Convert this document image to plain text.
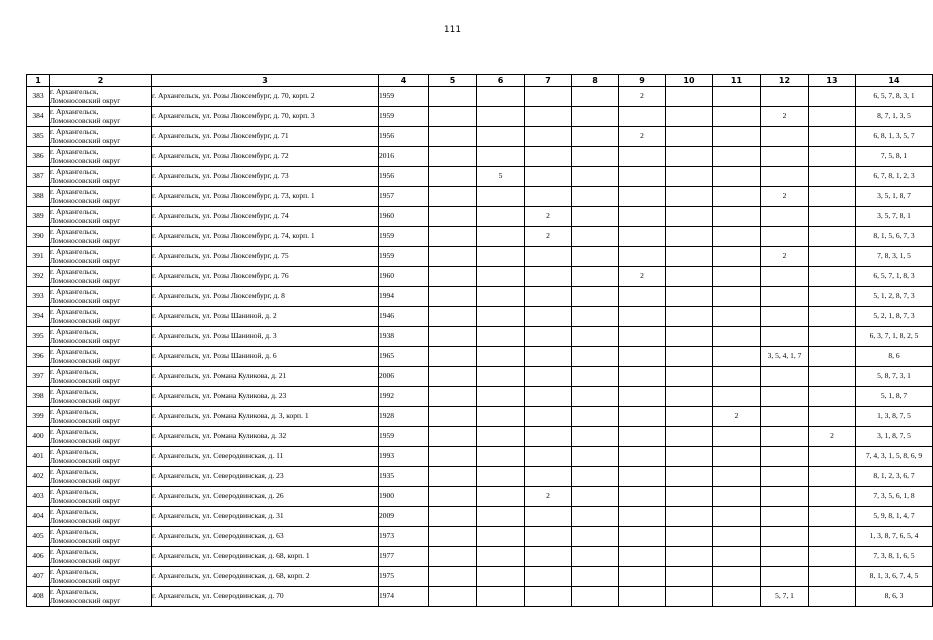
111
1	2	3	4	5	6	7	8	9	10	11	12	13	14
383	г. Архангельск,
Ломоносовский округ	г. Архангельск, ул. Розы Люксембург, д. 70, корп. 2	1959					2					6, 5, 7, 8, 3, 1
384	г. Архангельск,
Ломоносовский округ	г. Архангельск, ул. Розы Люксембург, д. 70, корп. 3	1959								2		8, 7, 1, 3, 5
385	г. Архангельск,
Ломоносовский округ	г. Архангельск, ул. Розы Люксембург, д. 71	1956					2					6, 8, 1, 3, 5, 7
386	г. Архангельск,
Ломоносовский округ	г. Архангельск, ул. Розы Люксембург, д. 72	2016										7, 5, 8, 1
387	г. Архангельск,
Ломоносовский округ	г. Архангельск, ул. Розы Люксембург, д. 73	1956		5								6, 7, 8, 1, 2, 3
388	г. Архангельск,
Ломоносовский округ	г. Архангельск, ул. Розы Люксембург, д. 73, корп. 1	1957								2		3, 5, 1, 8, 7
389	г. Архангельск,
Ломоносовский округ	г. Архангельск, ул. Розы Люксембург, д. 74	1960			2							3, 5, 7, 8, 1
390	г. Архангельск,
Ломоносовский округ	г. Архангельск, ул. Розы Люксембург, д. 74, корп. 1	1959			2							8, 1, 5, 6, 7, 3
391	г. Архангельск,
Ломоносовский округ	г. Архангельск, ул. Розы Люксембург, д. 75	1959								2		7, 8, 3, 1, 5
392	г. Архангельск,
Ломоносовский округ	г. Архангельск, ул. Розы Люксембург, д. 76	1960					2					6, 5, 7, 1, 8, 3
393	г. Архангельск,
Ломоносовский округ	г. Архангельск, ул. Розы Люксембург, д. 8	1994										5, 1, 2, 8, 7, 3
394	г. Архангельск,
Ломоносовский округ	г. Архангельск, ул. Розы Шаниной, д. 2	1946										5, 2, 1, 8, 7, 3
395	г. Архангельск,
Ломоносовский округ	г. Архангельск, ул. Розы Шаниной, д. 3	1938										6, 3, 7, 1, 8, 2, 5
396	г. Архангельск,
Ломоносовский округ	г. Архангельск, ул. Розы Шаниной, д. 6	1965								3, 5, 4, 1, 7		8, 6
397	г. Архангельск,
Ломоносовский округ	г. Архангельск, ул. Романа Куликова, д. 21	2006										5, 8, 7, 3, 1
398	г. Архангельск,
Ломоносовский округ	г. Архангельск, ул. Романа Куликова, д. 23	1992										5, 1, 8, 7
399	г. Архангельск,
Ломоносовский округ	г. Архангельск, ул. Романа Куликова, д. 3, корп. 1	1928							2			1, 3, 8, 7, 5
400	г. Архангельск,
Ломоносовский округ	г. Архангельск, ул. Романа Куликова, д. 32	1959									2	3, 1, 8, 7, 5
401	г. Архангельск,
Ломоносовский округ	г. Архангельск, ул. Северодвинская, д. 11	1993										7, 4, 3, 1, 5, 8, 6, 9
402	г. Архангельск,
Ломоносовский округ	г. Архангельск, ул. Северодвинская, д. 23	1935										8, 1, 2, 3, 6, 7
403	г. Архангельск,
Ломоносовский округ	г. Архангельск, ул. Северодвинская, д. 26	1900			2							7, 3, 5, 6, 1, 8
404	г. Архангельск,
Ломоносовский округ	г. Архангельск, ул. Северодвинская, д. 31	2009										5, 9, 8, 1, 4, 7
405	г. Архангельск,
Ломоносовский округ	г. Архангельск, ул. Северодвинская, д. 63	1973										1, 3, 8, 7, 6, 5, 4
406	г. Архангельск,
Ломоносовский округ	г. Архангельск, ул. Северодвинская, д. 68, корп. 1	1977										7, 3, 8, 1, 6, 5
407	г. Архангельск,
Ломоносовский округ	г. Архангельск, ул. Северодвинская, д. 68, корп. 2	1975										8, 1, 3, 6, 7, 4, 5
408	г. Архангельск,
Ломоносовский округ	г. Архангельск, ул. Северодвинская, д. 70	1974								5, 7, 1		8, 6, 3
